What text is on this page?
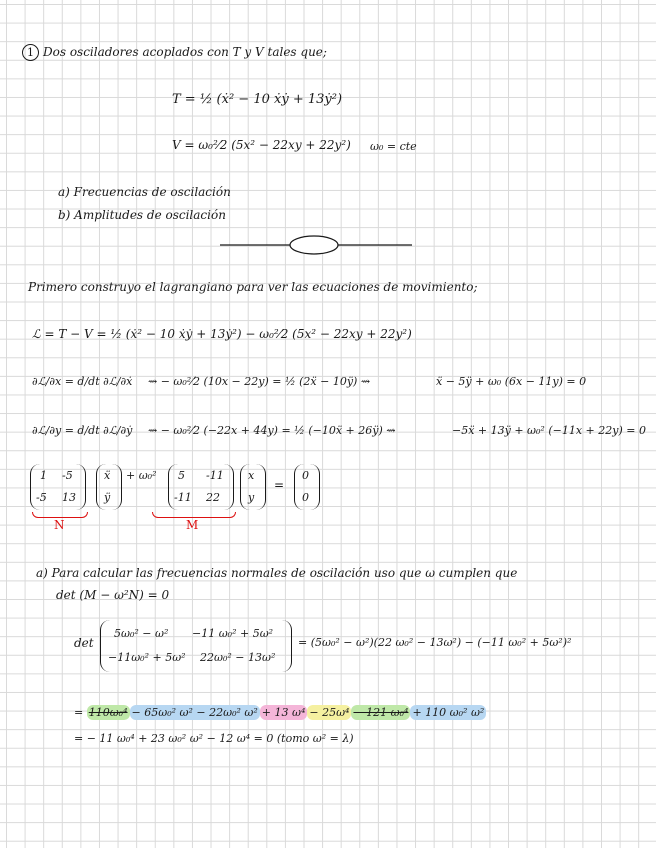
1 Dos osciladores acoplados con T y V tales que;
T = ½ (ẋ² − 10 ẋẏ + 13ẏ²)
V = ω₀²⁄2 (5x² − 22xy + 22y²) ω₀ = cte
a) Frecuencias de oscilación
b) Amplitudes de oscilación
Primero construyo el lagrangiano para ver las ecuaciones de movimiento;
ℒ = T − V = ½ (ẋ² − 10 ẋẏ + 13ẏ²) − ω₀²⁄2 (5x² − 22xy + 22y²)
∂ℒ/∂x = d/dt ∂ℒ/∂ẋ ⇝ − ω₀²⁄2 (10x − 22y) = ½ (2ẍ − 10ÿ) ⇝	ẍ − 5ÿ + ω₀ (6x − 11y) = 0
∂ℒ/∂y = d/dt ∂ℒ/∂ẏ ⇝ − ω₀²⁄2 (−22x + 44y) = ½ (−10ẍ + 26ÿ) ⇝	−5ẍ + 13ÿ + ω₀² (−11x + 22y) = 0
1 -5
-5 13
ẍ
ÿ
+ ω₀² 5 -11
-11 22
x
y
=
0
0
N	M
a) Para calcular las frecuencias normales de oscilación uso que ω cumplen que
det (M − ω²N) = 0
det
5ω₀² − ω² −11 ω₀² + 5ω²
−11ω₀² + 5ω² 22ω₀² − 13ω²
= (5ω₀² − ω²)(22 ω₀² − 13ω²) − (−11 ω₀² + 5ω²)²
= 110ω₀⁴ − 65ω₀² ω² − 22ω₀² ω² + 13 ω⁴ − 25ω⁴ − 121 ω₀⁴ + 110 ω₀² ω²
= − 11 ω₀⁴ + 23 ω₀² ω² − 12 ω⁴ = 0 (tomo ω² = λ)
